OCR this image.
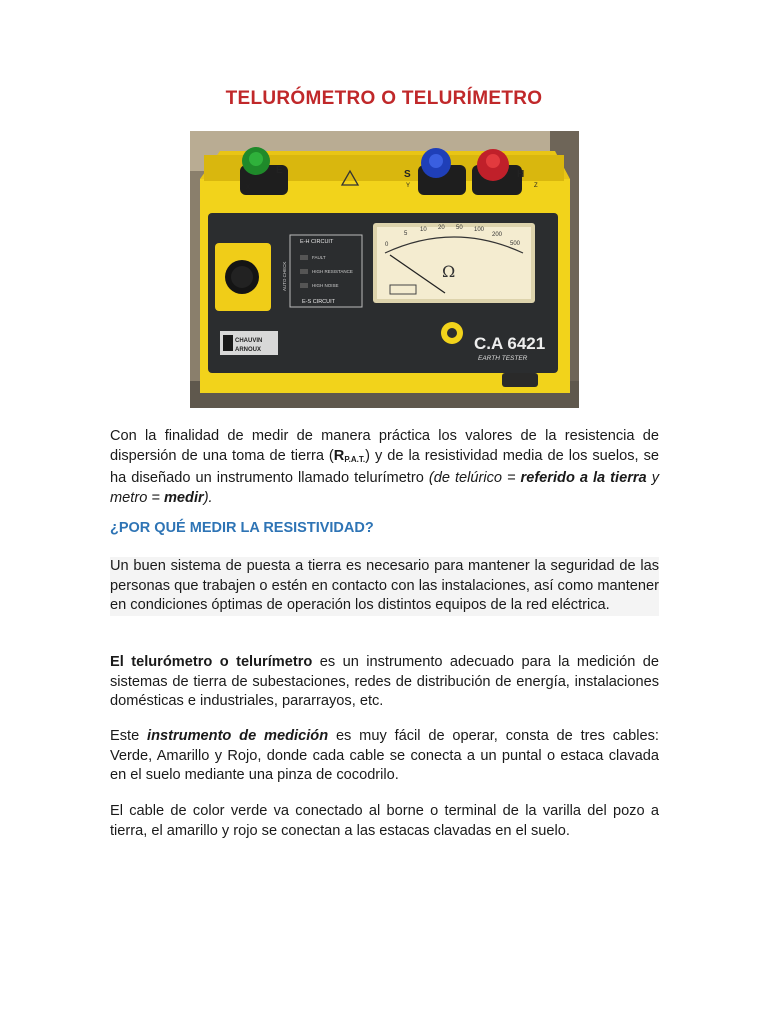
TELURÓMETRO O TELURÍMETRO
0
5
10 20 50 100
200
500
Ω
E-H CIRCUIT
FAULT
HIGH RESISTANCE
HIGH NOISE
E-S CIRCUIT
AUTO CHECK
C.A 6421
EARTH TESTER
CHAUVIN
ARNOUX
X
E	S
Y
H
Z

Con la finalidad de medir de manera práctica los valores de la resistencia de dispersión de una toma de tierra $(R_{P.A.T.})$ y de la resistividad media de los suelos, se ha diseñado un instrumento llamado telurímetro (de telúrico = referido a la tierra y metro = medir).

¿POR QUÉ MEDIR LA RESISTIVIDAD?

Un buen sistema de puesta a tierra es necesario para mantener la seguridad de las personas que trabajen o estén en contacto con las instalaciones, así como mantener en condiciones óptimas de operación los distintos equipos de la red eléctrica.

El telurómetro o telurímetro es un instrumento adecuado para la medición de sistemas de tierra de subestaciones, redes de distribución de energía, instalaciones domésticas e industriales, pararrayos, etc.

Este instrumento de medición es muy fácil de operar, consta de tres cables: Verde, Amarillo y Rojo, donde cada cable se conecta a un puntal o estaca clavada en el suelo mediante una pinza de cocodrilo.

El cable de color verde va conectado al borne o terminal de la varilla del pozo a tierra, el amarillo y rojo se conectan a las estacas clavadas en el suelo.
